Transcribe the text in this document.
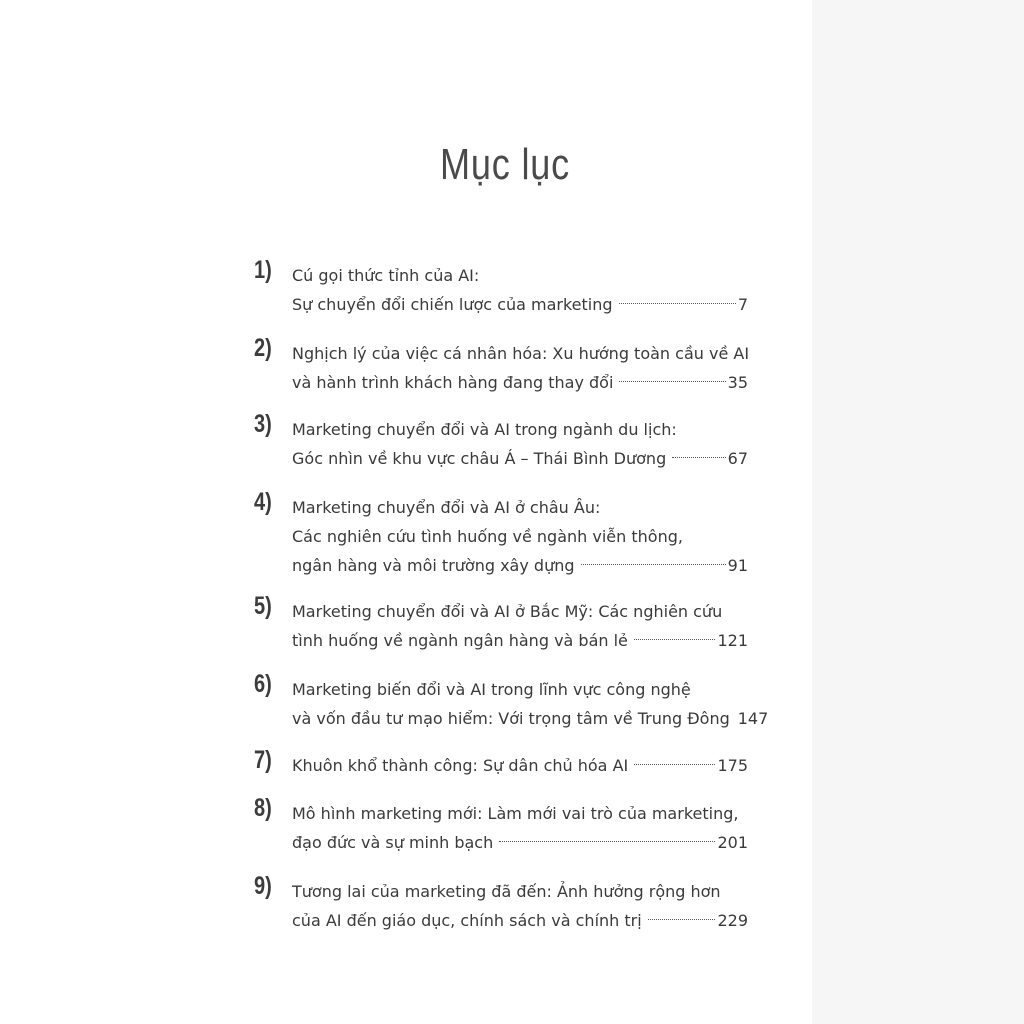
Mục lục
1) Cú gọi thức tỉnh của AI:
Sự chuyển đổi chiến lược của marketing	7
2) Nghịch lý của việc cá nhân hóa: Xu hướng toàn cầu về AI
và hành trình khách hàng đang thay đổi	35
3) Marketing chuyển đổi và AI trong ngành du lịch:
Góc nhìn về khu vực châu Á – Thái Bình Dương	67
4) Marketing chuyển đổi và AI ở châu Âu:
Các nghiên cứu tình huống về ngành viễn thông,
ngân hàng và môi trường xây dựng	91
5) Marketing chuyển đổi và AI ở Bắc Mỹ: Các nghiên cứu
tình huống về ngành ngân hàng và bán lẻ	121
6) Marketing biến đổi và AI trong lĩnh vực công nghệ
và vốn đầu tư mạo hiểm: Với trọng tâm về Trung Đông 147
7) Khuôn khổ thành công: Sự dân chủ hóa AI	175
8) Mô hình marketing mới: Làm mới vai trò của marketing,
đạo đức và sự minh bạch	201
9) Tương lai của marketing đã đến: Ảnh hưởng rộng hơn
của AI đến giáo dục, chính sách và chính trị	229
